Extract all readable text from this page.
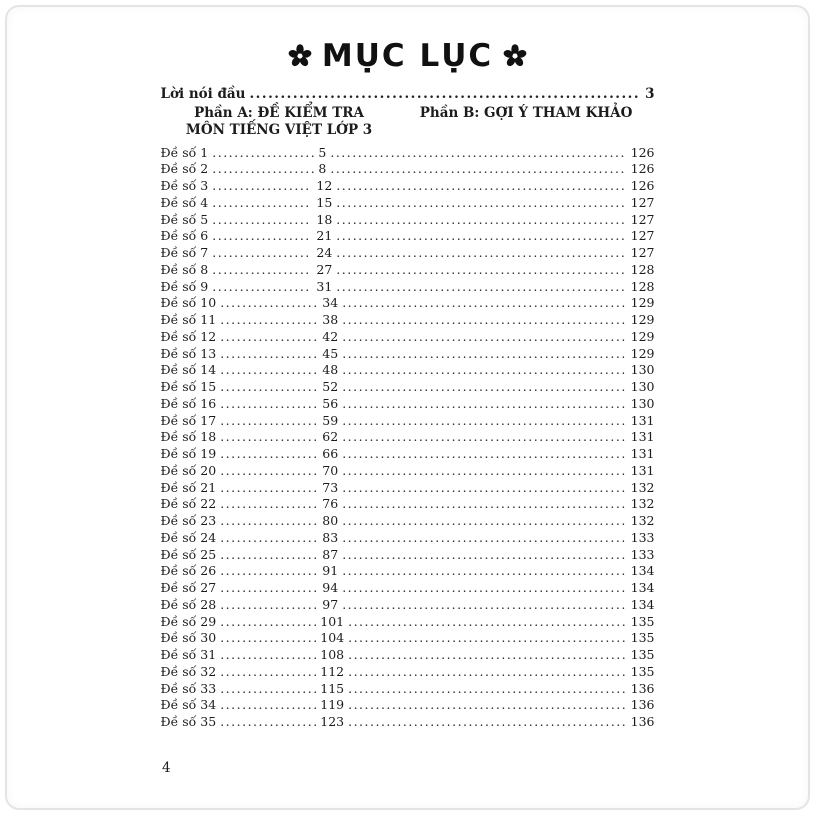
MỤC LỤC
Lời nói đầu .....	3
Phần A: ĐỀ KIỂM TRA
MÔN TIẾNG VIỆT LỚP 3
Phần B: GỢI Ý THAM KHẢO
Đề số 1 .....	5 .....	126
Đề số 2 .....	8 .....	126
Đề số 3 .....	12 .....	126
Đề số 4 .....	15 .....	127
Đề số 5 .....	18 .....	127
Đề số 6 .....	21 .....	127
Đề số 7 .....	24 .....	127
Đề số 8 .....	27 .....	128
Đề số 9 .....	31 .....	128
Đề số 10 .....	34 .....	129
Đề số 11 .....	38 .....	129
Đề số 12 .....	42 .....	129
Đề số 13 .....	45 .....	129
Đề số 14 .....	48 .....	130
Đề số 15 .....	52 .....	130
Đề số 16 .....	56 .....	130
Đề số 17 .....	59 .....	131
Đề số 18 .....	62 .....	131
Đề số 19 .....	66 .....	131
Đề số 20 .....	70 .....	131
Đề số 21 .....	73 .....	132
Đề số 22 .....	76 .....	132
Đề số 23 .....	80 .....	132
Đề số 24 .....	83 .....	133
Đề số 25 .....	87 .....	133
Đề số 26 .....	91 .....	134
Đề số 27 .....	94 .....	134
Đề số 28 .....	97 .....	134
Đề số 29 .....	101 .....	135
Đề số 30 .....	104 .....	135
Đề số 31 .....	108 .....	135
Đề số 32 .....	112 .....	135
Đề số 33 .....	115 .....	136
Đề số 34 .....	119 .....	136
Đề số 35 .....	123 .....	136
4
